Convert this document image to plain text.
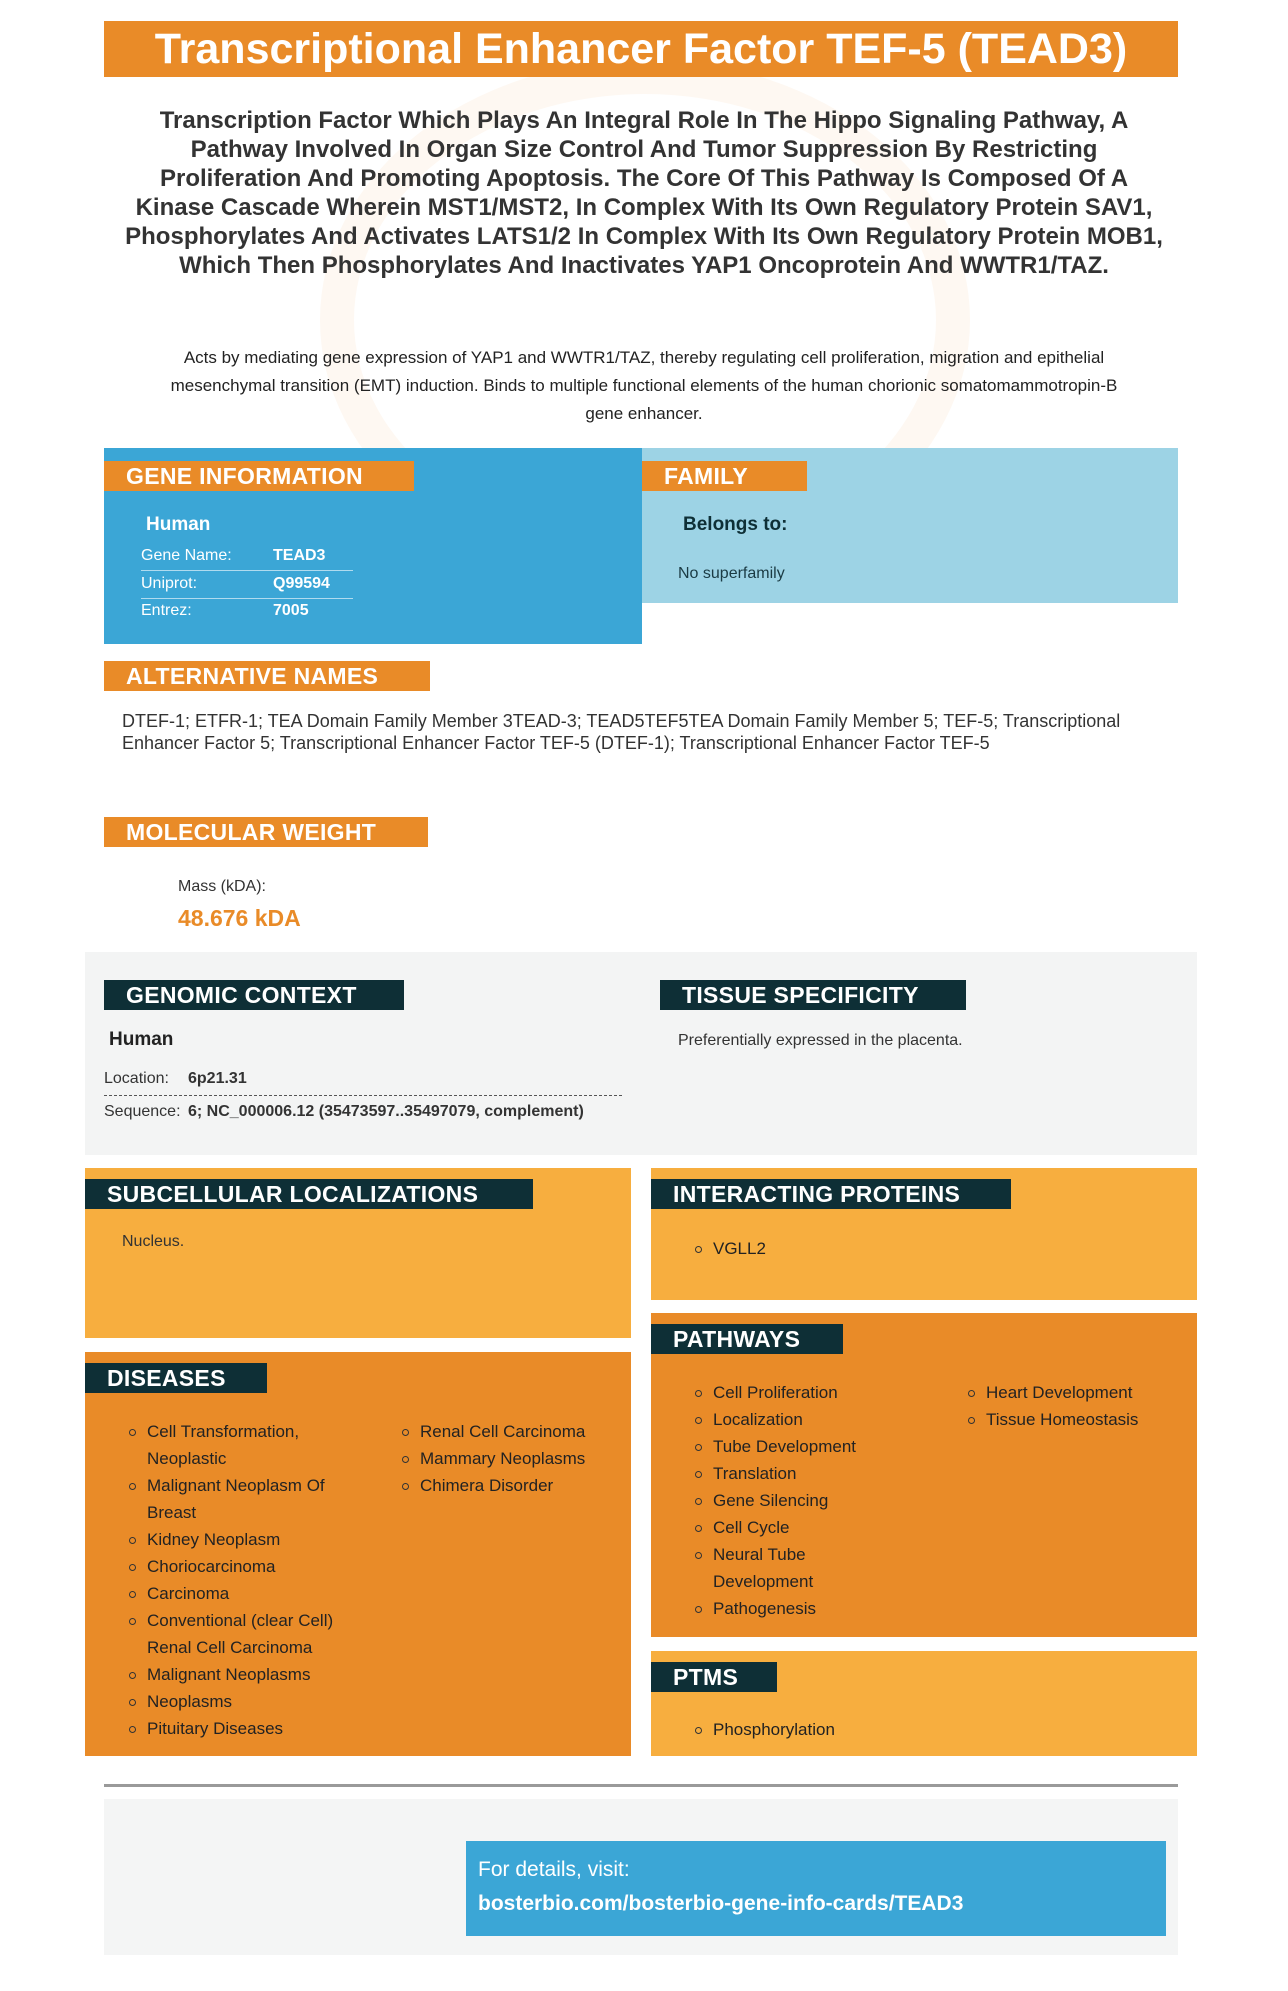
Transcriptional Enhancer Factor TEF-5 (TEAD3)
Transcription Factor Which Plays An Integral Role In The Hippo Signaling Pathway, A Pathway Involved In Organ Size Control And Tumor Suppression By Restricting Proliferation And Promoting Apoptosis. The Core Of This Pathway Is Composed Of A Kinase Cascade Wherein MST1/MST2, In Complex With Its Own Regulatory Protein SAV1, Phosphorylates And Activates LATS1/2 In Complex With Its Own Regulatory Protein MOB1, Which Then Phosphorylates And Inactivates YAP1 Oncoprotein And WWTR1/TAZ.
Acts by mediating gene expression of YAP1 and WWTR1/TAZ, thereby regulating cell proliferation, migration and epithelial mesenchymal transition (EMT) induction. Binds to multiple functional elements of the human chorionic somatomammotropin-B gene enhancer.
GENE INFORMATION
Human
Gene Name:	TEAD3
Uniprot:	Q99594
Entrez:	7005
FAMILY
Belongs to:
No superfamily
ALTERNATIVE NAMES
DTEF-1; ETFR-1; TEA Domain Family Member 3TEAD-3; TEAD5TEF5TEA Domain Family Member 5; TEF-5; Transcriptional Enhancer Factor 5; Transcriptional Enhancer Factor TEF-5 (DTEF-1); Transcriptional Enhancer Factor TEF-5
MOLECULAR WEIGHT
Mass (kDA):
48.676 kDA
GENOMIC CONTEXT
Human
Location: 6p21.31
Sequence: 6; NC_000006.12 (35473597..35497079, complement)
TISSUE SPECIFICITY
Preferentially expressed in the placenta.
SUBCELLULAR LOCALIZATIONS
Nucleus.
INTERACTING PROTEINS
VGLL2
DISEASES
Cell Transformation, Neoplastic
Malignant Neoplasm Of Breast
Kidney Neoplasm
Choriocarcinoma
Carcinoma
Conventional (clear Cell) Renal Cell Carcinoma
Malignant Neoplasms
Neoplasms
Pituitary Diseases
Renal Cell Carcinoma
Mammary Neoplasms
Chimera Disorder
PATHWAYS
Cell Proliferation
Localization
Tube Development
Translation
Gene Silencing
Cell Cycle
Neural Tube Development
Pathogenesis
Heart Development
Tissue Homeostasis
PTMS
Phosphorylation
For details, visit:
bosterbio.com/bosterbio-gene-info-cards/TEAD3
